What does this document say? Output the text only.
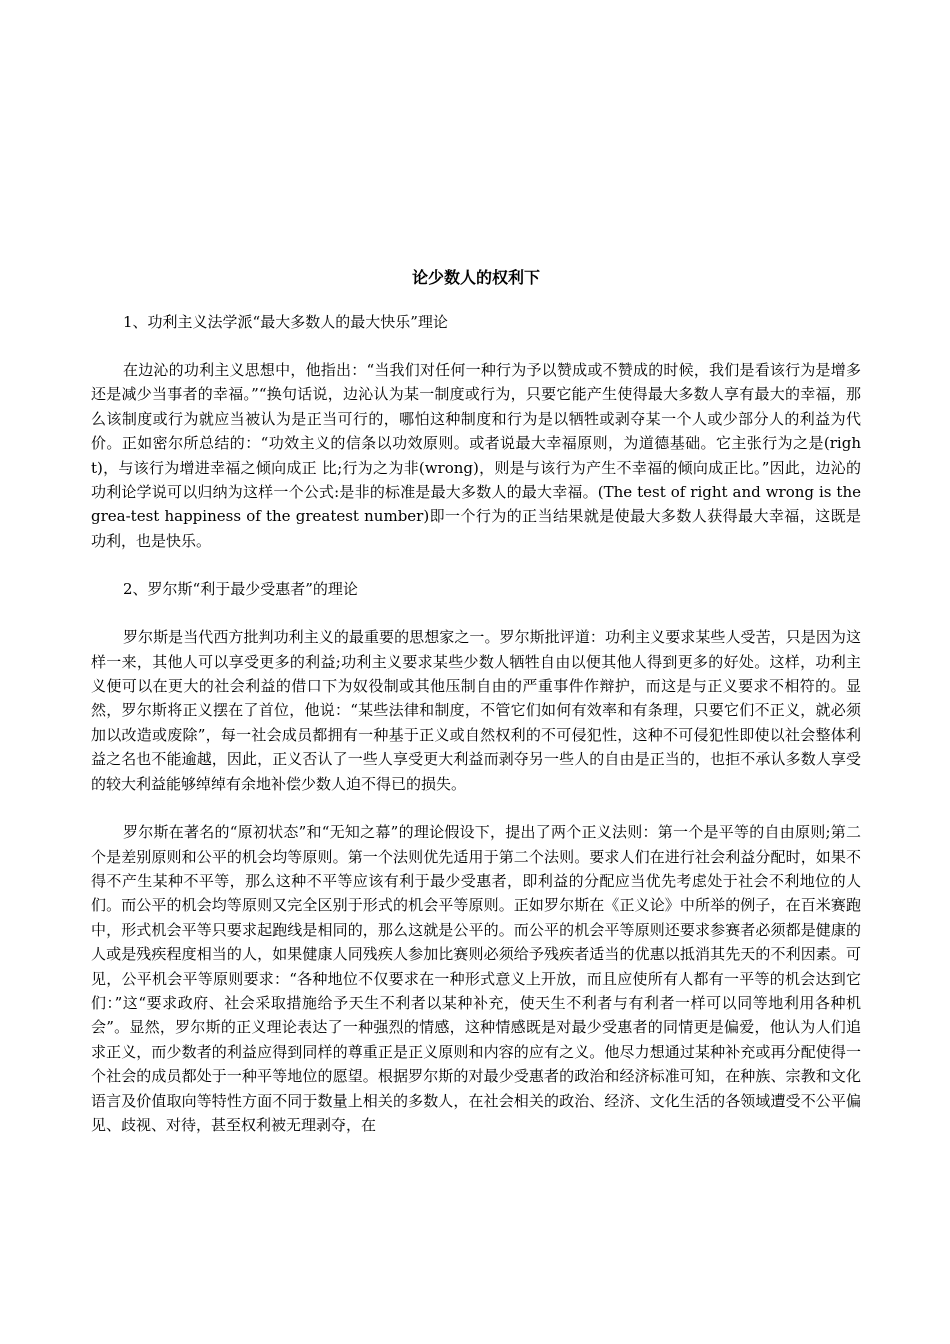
论少数人的权利下
1、功利主义法学派“最大多数人的最大快乐”理论

在边沁的功利主义思想中，他指出：“当我们对任何一种行为予以赞成或不赞成的时候，我们是看该行为是增多还是减少当事者的幸福。”“换句话说，边沁认为某一制度或行为，只要它能产生使得最大多数人享有最大的幸福，那么该制度或行为就应当被认为是正当可行的，哪怕这种制度和行为是以牺牲或剥夺某一个人或少部分人的利益为代价。正如密尔所总结的：“功效主义的信条以功效原则。或者说最大幸福原则，为道德基础。它主张行为之是(right)，与该行为增进幸福之倾向成正 比;行为之为非(wrong)，则是与该行为产生不幸福的倾向成正比。”因此，边沁的功利论学说可以归纳为这样一个公式:是非的标准是最大多数人的最大幸福。(The test of right and wrong is the grea-test happiness of the greatest number)即一个行为的正当结果就是使最大多数人获得最大幸福，这既是功利，也是快乐。

2、罗尔斯“利于最少受惠者”的理论

罗尔斯是当代西方批判功利主义的最重要的思想家之一。罗尔斯批评道：功利主义要求某些人受苦，只是因为这样一来，其他人可以享受更多的利益;功利主义要求某些少数人牺牲自由以便其他人得到更多的好处。这样，功利主义便可以在更大的社会利益的借口下为奴役制或其他压制自由的严重事件作辩护，而这是与正义要求不相符的。显然，罗尔斯将正义摆在了首位，他说：“某些法律和制度，不管它们如何有效率和有条理，只要它们不正义，就必须加以改造或废除”，每一社会成员都拥有一种基于正义或自然权利的不可侵犯性，这种不可侵犯性即使以社会整体利益之名也不能逾越，因此，正义否认了一些人享受更大利益而剥夺另一些人的自由是正当的，也拒不承认多数人享受的较大利益能够绰绰有余地补偿少数人迫不得已的损失。

罗尔斯在著名的“原初状态”和“无知之幕”的理论假设下，提出了两个正义法则：第一个是平等的自由原则;第二个是差别原则和公平的机会均等原则。第一个法则优先适用于第二个法则。要求人们在进行社会利益分配时，如果不得不产生某种不平等，那么这种不平等应该有利于最少受惠者，即利益的分配应当优先考虑处于社会不利地位的人们。而公平的机会均等原则又完全区别于形式的机会平等原则。正如罗尔斯在《正义论》中所举的例子，在百米赛跑中，形式机会平等只要求起跑线是相同的，那么这就是公平的。而公平的机会平等原则还要求参赛者必须都是健康的人或是残疾程度相当的人，如果健康人同残疾人参加比赛则必须给予残疾者适当的优惠以抵消其先天的不利因素。可见，公平机会平等原则要求：“各种地位不仅要求在一种形式意义上开放，而且应使所有人都有一平等的机会达到它们：”这“要求政府、社会采取措施给予天生不利者以某种补充，使天生不利者与有利者一样可以同等地利用各种机会”。显然，罗尔斯的正义理论表达了一种强烈的情感，这种情感既是对最少受惠者的同情更是偏爱，他认为人们追求正义，而少数者的利益应得到同样的尊重正是正义原则和内容的应有之义。他尽力想通过某种补充或再分配使得一个社会的成员都处于一种平等地位的愿望。根据罗尔斯的对最少受惠者的政治和经济标准可知，在种族、宗教和文化语言及价值取向等特性方面不同于数量上相关的多数人，在社会相关的政治、经济、文化生活的各领域遭受不公平偏见、歧视、对待，甚至权利被无理剥夺，在
